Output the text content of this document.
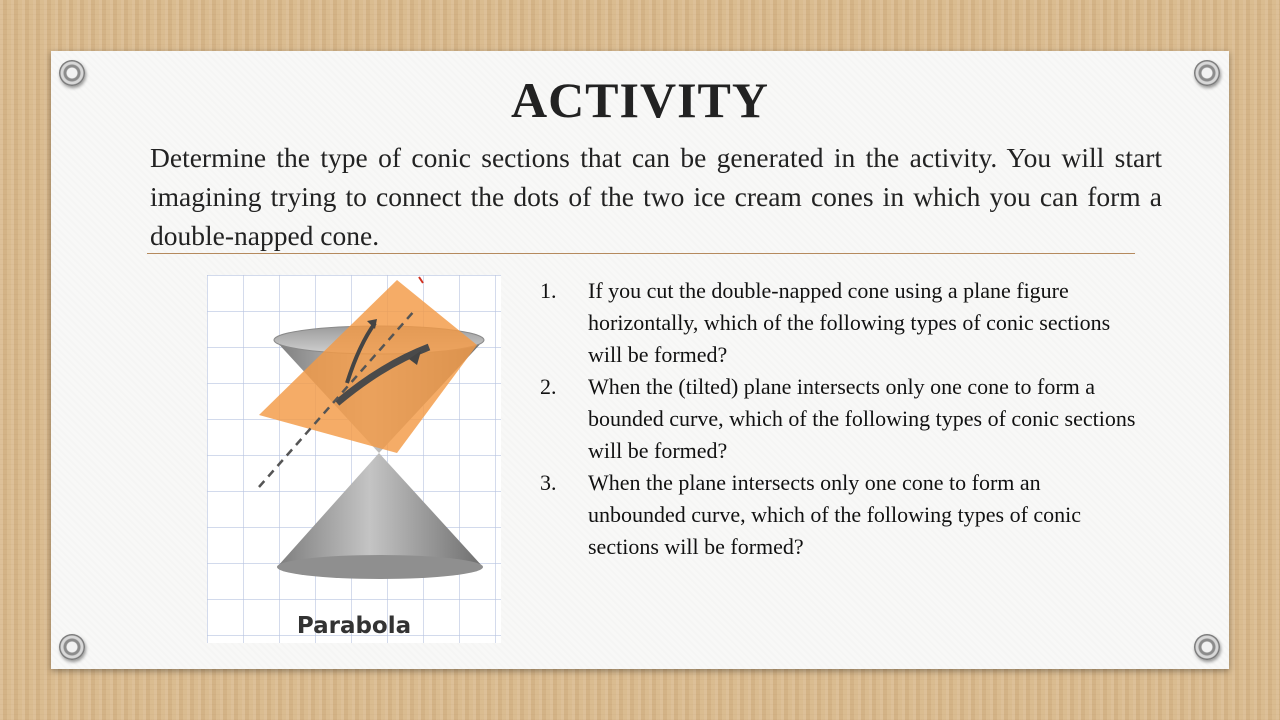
ACTIVITY

Determine the type of conic sections that can be generated in the activity. You will start imagining trying to connect the dots of the two ice cream cones in which you can form a double-napped cone.

Parabola

1.	If you cut the double-napped cone using a plane figure horizontally, which of the following types of conic sections will be formed?
2.	When the (tilted) plane intersects only one cone to form a bounded curve, which of the following types of conic sections will be formed?
3.	When the plane intersects only one cone to form an unbounded curve, which of the following types of conic sections will be formed?
